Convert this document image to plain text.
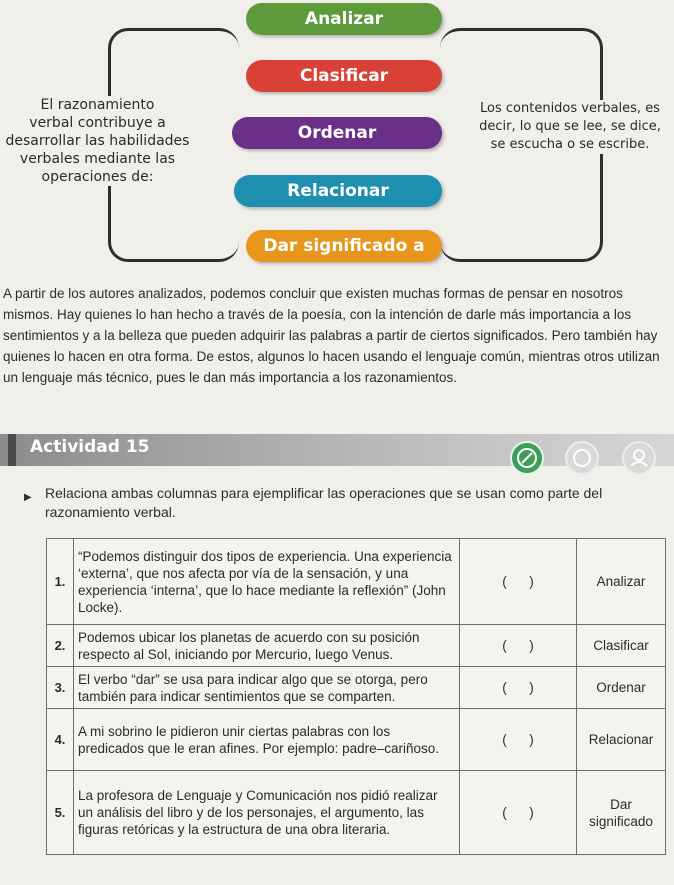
Analizar
Clasificar
Ordenar
Relacionar
Dar significado a
El razonamiento
verbal contribuye a
desarrollar las habilidades
verbales mediante las
operaciones de:
Los contenidos verbales, es
decir, lo que se lee, se dice,
se escucha o se escribe.
A partir de los autores analizados, podemos concluir que existen muchas formas de pensar en nosotros mismos. Hay quienes lo han hecho a través de la poesía, con la intención de darle más importancia a los sentimientos y a la belleza que pueden adquirir las palabras a partir de ciertos significados. Pero también hay quienes lo hacen en otra forma. De estos, algunos lo hacen usando el lenguaje común, mientras otros utilizan un lenguaje más técnico, pues le dan más importancia a los razonamientos.
Actividad 15
▶ Relaciona ambas columnas para ejemplificar las operaciones que se usan como parte del razonamiento verbal.
1.	“Podemos distinguir dos tipos de experiencia. Una experiencia ‘externa’, que nos afecta por vía de la sensación, y una experiencia ‘interna’, que lo hace mediante la reflexión” (John Locke).	(      )	Analizar
2.	Podemos ubicar los planetas de acuerdo con su posición respecto al Sol, iniciando por Mercurio, luego Venus.	(      )	Clasificar
3.	El verbo “dar” se usa para indicar algo que se otorga, pero también para indicar sentimientos que se comparten.	(      )	Ordenar
4.	A mi sobrino le pidieron unir ciertas palabras con los predicados que le eran afines. Por ejemplo: padre–cariñoso.	(      )	Relacionar
5.	La profesora de Lenguaje y Comunicación nos pidió realizar un análisis del libro y de los personajes, el argumento, las figuras retóricas y la estructura de una obra literaria.	(      )	Dar significado
